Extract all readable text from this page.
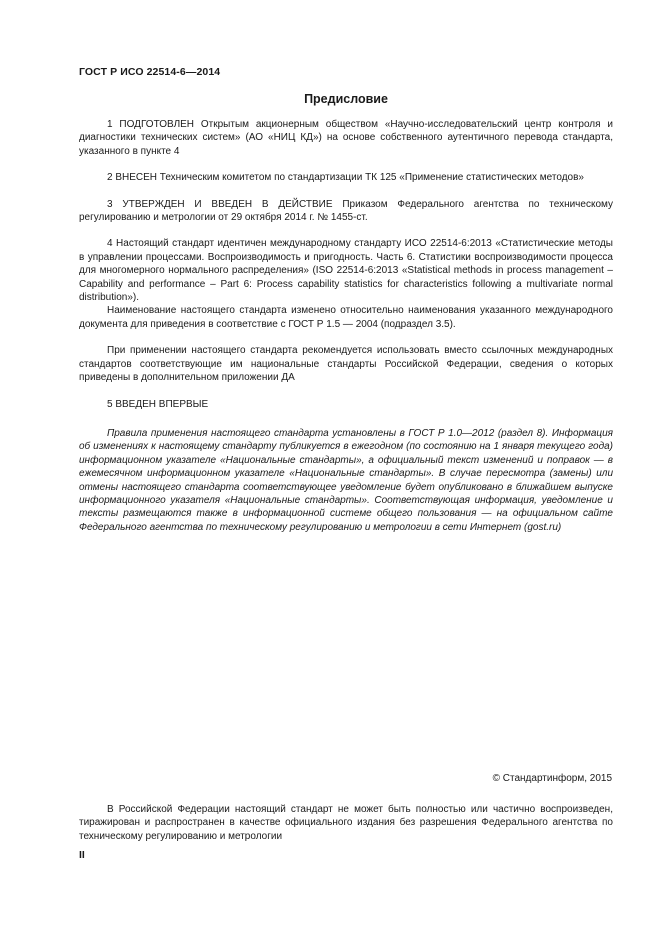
ГОСТ Р ИСО 22514-6—2014
Предисловие

1 ПОДГОТОВЛЕН Открытым акционерным обществом «Научно-исследовательский центр контроля и диагностики технических систем» (АО «НИЦ КД») на основе собственного аутентичного перевода стандарта, указанного в пункте 4

2 ВНЕСЕН Техническим комитетом по стандартизации ТК 125 «Применение статистических методов»

3 УТВЕРЖДЕН И ВВЕДЕН В ДЕЙСТВИЕ Приказом Федерального агентства по техническому регулированию и метрологии от 29 октября 2014 г. № 1455-ст.

4 Настоящий стандарт идентичен международному стандарту ИСО 22514-6:2013 «Статистические методы в управлении процессами. Воспроизводимость и пригодность. Часть 6. Статистики воспроизводимости процесса для многомерного нормального распределения» (ISO 22514-6:2013 «Statistical methods in process management – Capability and performance – Part 6: Process capability statistics for characteristics following a multivariate normal distribution»).

Наименование настоящего стандарта изменено относительно наименования указанного международного документа для приведения в соответствие с ГОСТ Р 1.5 — 2004 (подраздел 3.5).

При применении настоящего стандарта рекомендуется использовать вместо ссылочных международных стандартов соответствующие им национальные стандарты Российской Федерации, сведения о которых приведены в дополнительном приложении ДА

5 ВВЕДЕН ВПЕРВЫЕ

Правила применения настоящего стандарта установлены в ГОСТ Р 1.0—2012 (раздел 8). Информация об изменениях к настоящему стандарту публикуется в ежегодном (по состоянию на 1 января текущего года) информационном указателе «Национальные стандарты», а официальный текст изменений и поправок — в ежемесячном информационном указателе «Национальные стандарты». В случае пересмотра (замены) или отмены настоящего стандарта соответствующее уведомление будет опубликовано в ближайшем выпуске информационного указателя «Национальные стандарты». Соответствующая информация, уведомление и тексты размещаются также в информационной системе общего пользования — на официальном сайте Федерального агентства по техническому регулированию и метрологии в сети Интернет (gost.ru)

© Стандартинформ, 2015

В Российской Федерации настоящий стандарт не может быть полностью или частично воспроизведен, тиражирован и распространен в качестве официального издания без разрешения Федерального агентства по техническому регулированию и метрологии

II
